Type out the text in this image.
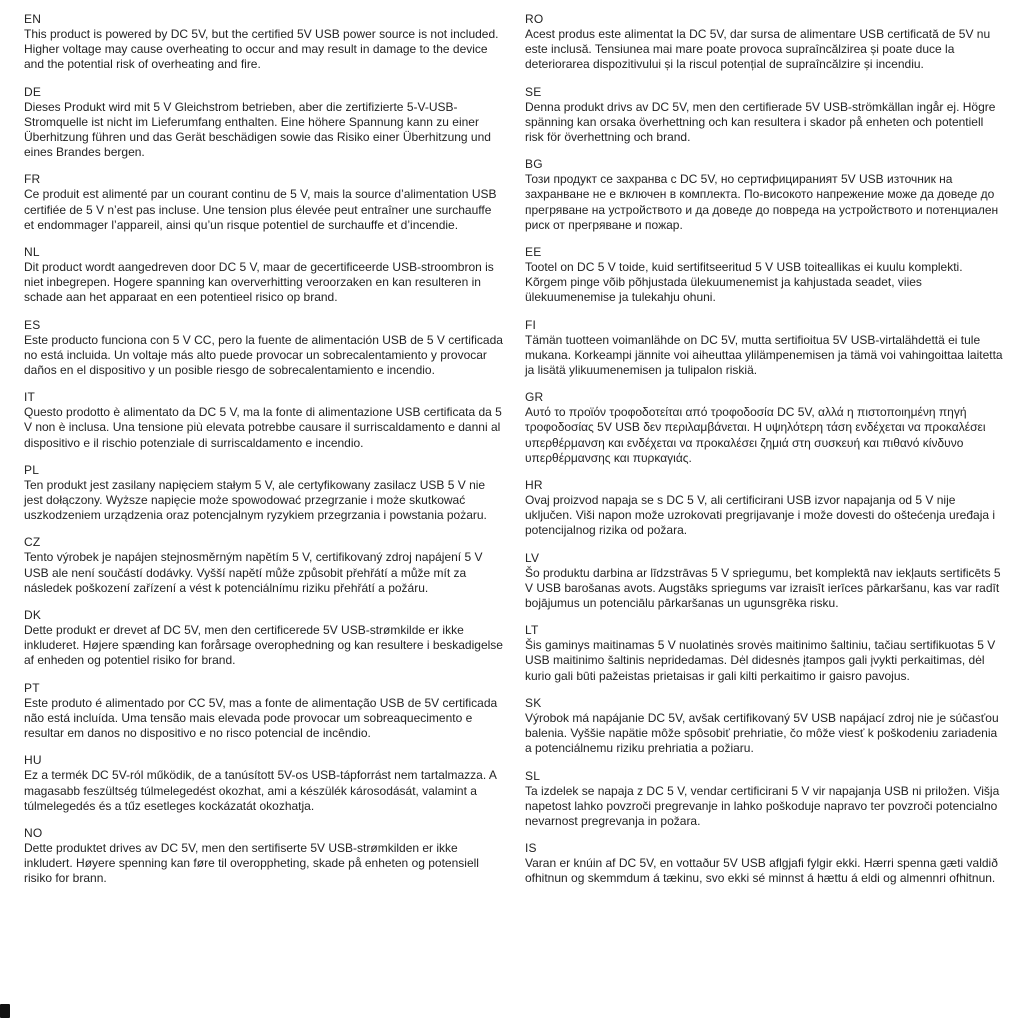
EN

This product is powered by DC 5V, but the certified 5V USB power source is not included. Higher voltage may cause overheating to occur and may result in damage to the device and the potential risk of overheating and fire.

DE

Dieses Produkt wird mit 5 V Gleichstrom betrieben, aber die zertifizierte 5-V-USB-Stromquelle ist nicht im Lieferumfang enthalten. Eine höhere Spannung kann zu einer Überhitzung führen und das Gerät beschädigen sowie das Risiko einer Überhitzung und eines Brandes bergen.

FR

Ce produit est alimenté par un courant continu de 5 V, mais la source d’alimentation USB certifiée de 5 V n’est pas incluse. Une tension plus élevée peut entraîner une surchauffe et endommager l’appareil, ainsi qu’un risque potentiel de surchauffe et d’incendie.

NL

Dit product wordt aangedreven door DC 5 V, maar de gecertificeerde USB-stroombron is niet inbegrepen. Hogere spanning kan oververhitting veroorzaken en kan resulteren in schade aan het apparaat en een potentieel risico op brand.

ES

Este producto funciona con 5 V CC, pero la fuente de alimentación USB de 5 V certificada no está incluida. Un voltaje más alto puede provocar un sobrecalentamiento y provocar daños en el dispositivo y un posible riesgo de sobrecalentamiento e incendio.

IT

Questo prodotto è alimentato da DC 5 V, ma la fonte di alimentazione USB certificata da 5 V non è inclusa. Una tensione più elevata potrebbe causare il surriscaldamento e danni al dispositivo e il rischio potenziale di surriscaldamento e incendio.

PL

Ten produkt jest zasilany napięciem stałym 5 V, ale certyfikowany zasilacz USB 5 V nie jest dołączony. Wyższe napięcie może spowodować przegrzanie i może skutkować uszkodzeniem urządzenia oraz potencjalnym ryzykiem przegrzania i powstania pożaru.

CZ

Tento výrobek je napájen stejnosměrným napětím 5 V, certifikovaný zdroj napájení 5 V USB ale není součástí dodávky. Vyšší napětí může způsobit přehřátí a může mít za následek poškození zařízení a vést k potenciálnímu riziku přehřátí a požáru.

DK

Dette produkt er drevet af DC 5V, men den certificerede 5V USB-strømkilde er ikke inkluderet. Højere spænding kan forårsage overophedning og kan resultere i beskadigelse af enheden og potentiel risiko for brand.

PT

Este produto é alimentado por CC 5V, mas a fonte de alimentação USB de 5V certificada não está incluída. Uma tensão mais elevada pode provocar um sobreaquecimento e resultar em danos no dispositivo e no risco potencial de incêndio.

HU

Ez a termék DC 5V-ról működik, de a tanúsított 5V-os USB-tápforrást nem tartalmazza. A magasabb feszültség túlmelegedést okozhat, ami a készülék károsodását, valamint a túlmelegedés és a tűz esetleges kockázatát okozhatja.

NO

Dette produktet drives av DC 5V, men den sertifiserte 5V USB-strømkilden er ikke inkludert. Høyere spenning kan føre til overoppheting, skade på enheten og potensiell risiko for brann.

RO

Acest produs este alimentat la DC 5V, dar sursa de alimentare USB certificată de 5V nu este inclusă. Tensiunea mai mare poate provoca supraîncălzirea și poate duce la deteriorarea dispozitivului și la riscul potențial de supraîncălzire și incendiu.

SE

Denna produkt drivs av DC 5V, men den certifierade 5V USB-strömkällan ingår ej. Högre spänning kan orsaka överhettning och kan resultera i skador på enheten och potentiell risk för överhettning och brand.

BG

Този продукт се захранва с DC 5V, но сертифицираният 5V USB източник на захранване не е включен в комплекта. По-високото напрежение може да доведе до прегряване на устройството и да доведе до повреда на устройството и потенциален риск от прегряване и пожар.

EE

Tootel on DC 5 V toide, kuid sertifitseeritud 5 V USB toiteallikas ei kuulu komplekti. Kõrgem pinge võib põhjustada ülekuumenemist ja kahjustada seadet, viies ülekuumenemise ja tulekahju ohuni.

FI

Tämän tuotteen voimanlähde on DC 5V, mutta sertifioitua 5V USB-virtalähdettä ei tule mukana. Korkeampi jännite voi aiheuttaa ylilämpenemisen ja tämä voi vahingoittaa laitetta ja lisätä ylikuumenemisen ja tulipalon riskiä.

GR

Αυτό το προϊόν τροφοδοτείται από τροφοδοσία DC 5V, αλλά η πιστοποιημένη πηγή τροφοδοσίας 5V USB δεν περιλαμβάνεται. Η υψηλότερη τάση ενδέχεται να προκαλέσει υπερθέρμανση και ενδέχεται να προκαλέσει ζημιά στη συσκευή και πιθανό κίνδυνο υπερθέρμανσης και πυρκαγιάς.

HR

Ovaj proizvod napaja se s DC 5 V, ali certificirani USB izvor napajanja od 5 V nije uključen. Viši napon može uzrokovati pregrijavanje i može dovesti do oštećenja uređaja i potencijalnog rizika od požara.

LV

Šo produktu darbina ar līdzstrāvas 5 V spriegumu, bet komplektā nav iekļauts sertificēts 5 V USB barošanas avots. Augstāks spriegums var izraisīt ierīces pārkaršanu, kas var radīt bojājumus un potenciālu pārkaršanas un ugunsgrēka risku.

LT

Šis gaminys maitinamas 5 V nuolatinės srovės maitinimo šaltiniu, tačiau sertifikuotas 5 V USB maitinimo šaltinis nepridedamas. Dėl didesnės įtampos gali įvykti perkaitimas, dėl kurio gali būti pažeistas prietaisas ir gali kilti perkaitimo ir gaisro pavojus.

SK

Výrobok má napájanie DC 5V, avšak certifikovaný 5V USB napájací zdroj nie je súčasťou balenia. Vyššie napätie môže spôsobiť prehriatie, čo môže viesť k poškodeniu zariadenia a potenciálnemu riziku prehriatia a požiaru.

SL

Ta izdelek se napaja z DC 5 V, vendar certificirani 5 V vir napajanja USB ni priložen. Višja napetost lahko povzroči pregrevanje in lahko poškoduje napravo ter povzroči potencialno nevarnost pregrevanja in požara.

IS

Varan er knúin af DC 5V, en vottaður 5V USB aflgjafi fylgir ekki. Hærri spenna gæti valdið ofhitnun og skemmdum á tækinu, svo ekki sé minnst á hættu á eldi og almennri ofhitnun.
